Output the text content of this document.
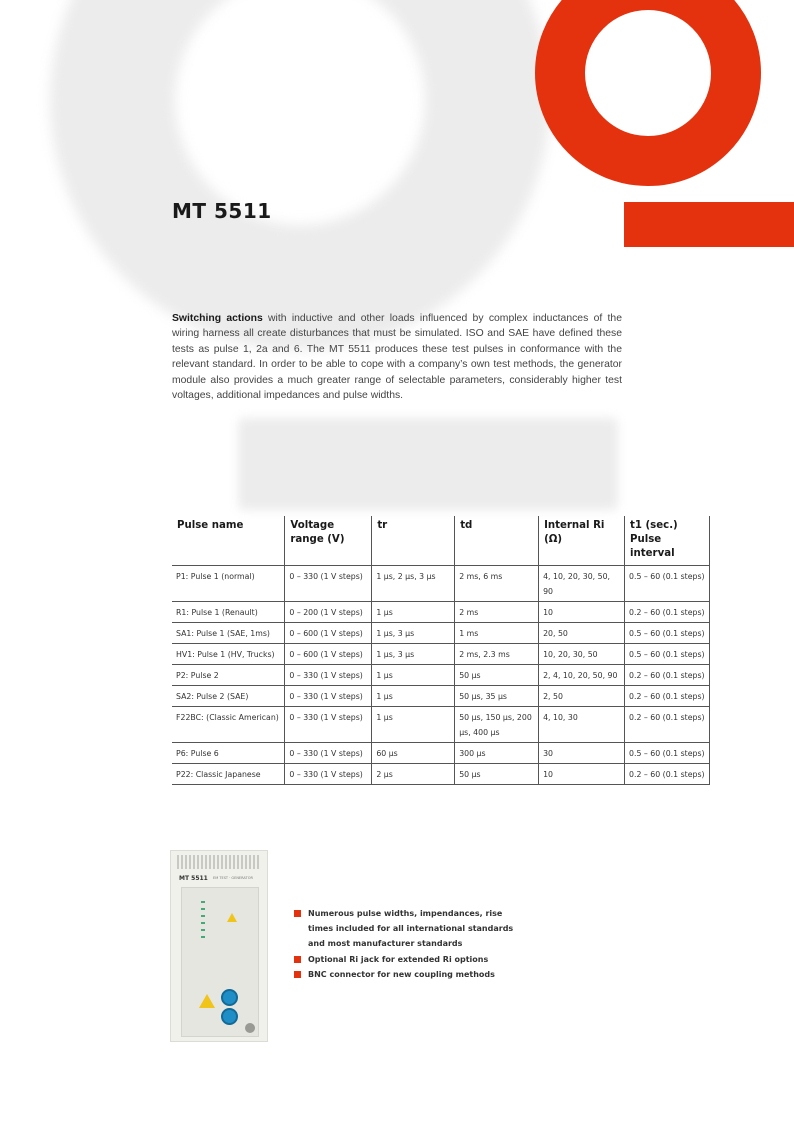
MT 5511

Switching actions with inductive and other loads influenced by complex inductances of the wiring harness all create disturbances that must be simulated. ISO and SAE have defined these tests as pulse 1, 2a and 6. The MT 5511 produces these test pulses in conformance with the relevant standard. In order to be able to cope with a company’s own test methods, the generator module also provides a much greater range of selectable parameters, considerably higher test voltages, additional impedances and pulse widths.

Pulse name	Voltage range (V)	tr	td	Internal Ri (Ω)	t1 (sec.)
Pulse interval
P1: Pulse 1 (normal)	0 – 330 (1 V steps)	1 µs, 2 µs, 3 µs	2 ms, 6 ms	4, 10, 20, 30, 50, 90	0.5 – 60 (0.1 steps)
R1: Pulse 1 (Renault)	0 – 200 (1 V steps)	1 µs	2 ms	10	0.2 – 60 (0.1 steps)
SA1: Pulse 1 (SAE, 1ms)	0 – 600 (1 V steps)	1 µs, 3 µs	1 ms	20, 50	0.5 – 60 (0.1 steps)
HV1: Pulse 1 (HV, Trucks)	0 – 600 (1 V steps)	1 µs, 3 µs	2 ms, 2.3 ms	10, 20, 30, 50	0.5 – 60 (0.1 steps)
P2: Pulse 2	0 – 330 (1 V steps)	1 µs	50 µs	2, 4, 10, 20, 50, 90	0.2 – 60 (0.1 steps)
SA2: Pulse 2 (SAE)	0 – 330 (1 V steps)	1 µs	50 µs, 35 µs	2, 50	0.2 – 60 (0.1 steps)
F22BC: (Classic American)	0 – 330 (1 V steps)	1 µs	50 µs, 150 µs, 200 µs, 400 µs	4, 10, 30	0.2 – 60 (0.1 steps)
P6: Pulse 6	0 – 330 (1 V steps)	60 µs	300 µs	30	0.5 – 60 (0.1 steps)
P22: Classic Japanese	0 – 330 (1 V steps)	2 µs	50 µs	10	0.2 – 60 (0.1 steps)
MT 5511 EM TEST · GENERATOR
Numerous pulse widths, impendances, rise times included for all international standards and most manufacturer standards
Optional Ri jack for extended Ri options
BNC connector for new coupling methods
